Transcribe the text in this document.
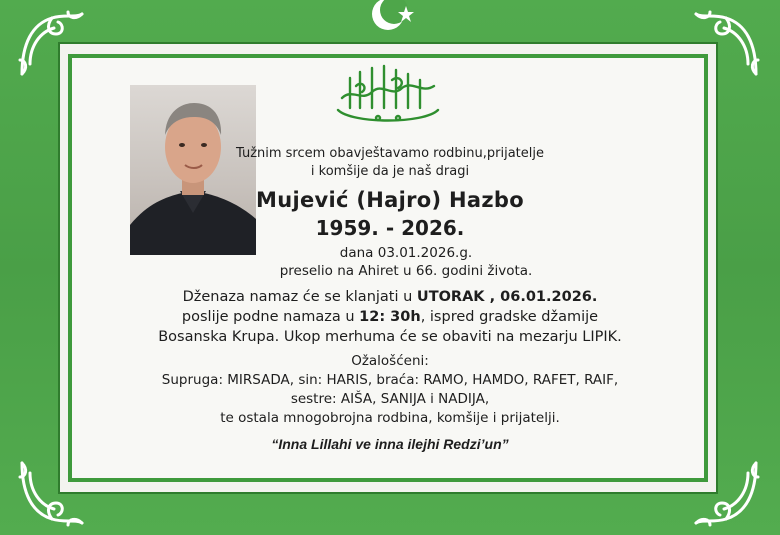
Tužnim srcem obavještavamo rodbinu,prijatelje
i komšije da je naš dragi
Mujević (Hajro) Hazbo
1959. - 2026.
dana 03.01.2026.g.
preselio na Ahiret u 66. godini života.
Dženaza namaz će se klanjati u UTORAK , 06.01.2026.
poslije podne namaza u 12: 30h, ispred gradske džamije
Bosanska Krupa. Ukop merhuma će se obaviti na mezarju LIPIK.
Ožalošćeni:
Supruga: MIRSADA, sin: HARIS, braća: RAMO, HAMDO, RAFET, RAIF,
sestre: AIŠA, SANIJA i NADIJA,
te ostala mnogobrojna rodbina, komšije i prijatelji.
“Inna Lillahi ve inna ilejhi Redzi’un”
